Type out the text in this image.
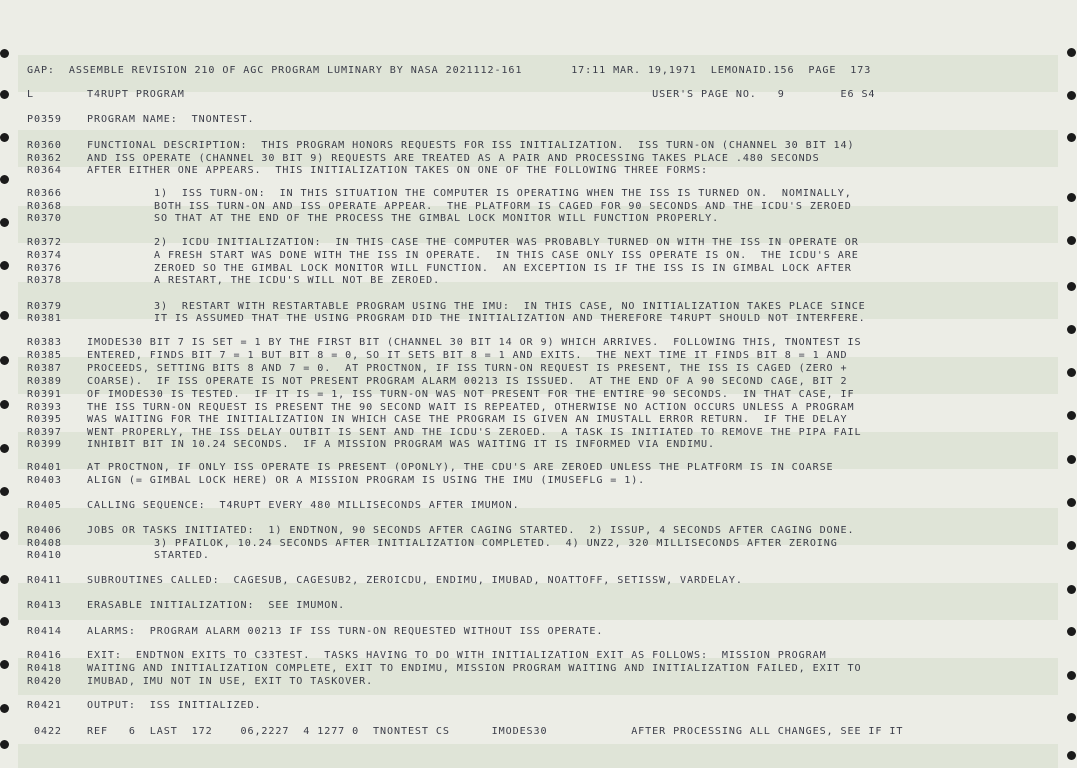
GAP:  ASSEMBLE REVISION 210 OF AGC PROGRAM LUMINARY BY NASA 2021112-161       17:11 MAR. 19,1971  LEMONAID.156  PAGE  173
L	T4RUPT PROGRAM                                                                   USER'S PAGE NO.   9        E6 S4
P0359 PROGRAM NAME:  TNONTEST.
R0360 FUNCTIONAL DESCRIPTION:  THIS PROGRAM HONORS REQUESTS FOR ISS INITIALIZATION.  ISS TURN-ON (CHANNEL 30 BIT 14)
R0362 AND ISS OPERATE (CHANNEL 30 BIT 9) REQUESTS ARE TREATED AS A PAIR AND PROCESSING TAKES PLACE .480 SECONDS
R0364 AFTER EITHER ONE APPEARS.  THIS INITIALIZATION TAKES ON ONE OF THE FOLLOWING THREE FORMS:
R0366	1)  ISS TURN-ON:  IN THIS SITUATION THE COMPUTER IS OPERATING WHEN THE ISS IS TURNED ON.  NOMINALLY,
R0368	BOTH ISS TURN-ON AND ISS OPERATE APPEAR.  THE PLATFORM IS CAGED FOR 90 SECONDS AND THE ICDU'S ZEROED
R0370	SO THAT AT THE END OF THE PROCESS THE GIMBAL LOCK MONITOR WILL FUNCTION PROPERLY.
R0372	2)  ICDU INITIALIZATION:  IN THIS CASE THE COMPUTER WAS PROBABLY TURNED ON WITH THE ISS IN OPERATE OR
R0374	A FRESH START WAS DONE WITH THE ISS IN OPERATE.  IN THIS CASE ONLY ISS OPERATE IS ON.  THE ICDU'S ARE
R0376	ZEROED SO THE GIMBAL LOCK MONITOR WILL FUNCTION.  AN EXCEPTION IS IF THE ISS IS IN GIMBAL LOCK AFTER
R0378	A RESTART, THE ICDU'S WILL NOT BE ZEROED.
R0379	3)  RESTART WITH RESTARTABLE PROGRAM USING THE IMU:  IN THIS CASE, NO INITIALIZATION TAKES PLACE SINCE
R0381	IT IS ASSUMED THAT THE USING PROGRAM DID THE INITIALIZATION AND THEREFORE T4RUPT SHOULD NOT INTERFERE.
R0383 IMODES30 BIT 7 IS SET = 1 BY THE FIRST BIT (CHANNEL 30 BIT 14 OR 9) WHICH ARRIVES.  FOLLOWING THIS, TNONTEST IS
R0385 ENTERED, FINDS BIT 7 = 1 BUT BIT 8 = 0, SO IT SETS BIT 8 = 1 AND EXITS.  THE NEXT TIME IT FINDS BIT 8 = 1 AND
R0387 PROCEEDS, SETTING BITS 8 AND 7 = 0.  AT PROCTNON, IF ISS TURN-ON REQUEST IS PRESENT, THE ISS IS CAGED (ZERO +
R0389 COARSE).  IF ISS OPERATE IS NOT PRESENT PROGRAM ALARM 00213 IS ISSUED.  AT THE END OF A 90 SECOND CAGE, BIT 2
R0391 OF IMODES30 IS TESTED.  IF IT IS = 1, ISS TURN-ON WAS NOT PRESENT FOR THE ENTIRE 90 SECONDS.  IN THAT CASE, IF
R0393 THE ISS TURN-ON REQUEST IS PRESENT THE 90 SECOND WAIT IS REPEATED, OTHERWISE NO ACTION OCCURS UNLESS A PROGRAM
R0395 WAS WAITING FOR THE INITIALIZATION IN WHICH CASE THE PROGRAM IS GIVEN AN IMUSTALL ERROR RETURN.  IF THE DELAY
R0397 WENT PROPERLY, THE ISS DELAY OUTBIT IS SENT AND THE ICDU'S ZEROED.  A TASK IS INITIATED TO REMOVE THE PIPA FAIL
R0399 INHIBIT BIT IN 10.24 SECONDS.  IF A MISSION PROGRAM WAS WAITING IT IS INFORMED VIA ENDIMU.
R0401 AT PROCTNON, IF ONLY ISS OPERATE IS PRESENT (OPONLY), THE CDU'S ARE ZEROED UNLESS THE PLATFORM IS IN COARSE
R0403 ALIGN (= GIMBAL LOCK HERE) OR A MISSION PROGRAM IS USING THE IMU (IMUSEFLG = 1).
R0405 CALLING SEQUENCE:  T4RUPT EVERY 480 MILLISECONDS AFTER IMUMON.
R0406 JOBS OR TASKS INITIATED:  1) ENDTNON, 90 SECONDS AFTER CAGING STARTED.  2) ISSUP, 4 SECONDS AFTER CAGING DONE.
R0408	3) PFAILOK, 10.24 SECONDS AFTER INITIALIZATION COMPLETED.  4) UNZ2, 320 MILLISECONDS AFTER ZEROING
R0410	STARTED.
R0411 SUBROUTINES CALLED:  CAGESUB, CAGESUB2, ZEROICDU, ENDIMU, IMUBAD, NOATTOFF, SETISSW, VARDELAY.
R0413 ERASABLE INITIALIZATION:  SEE IMUMON.
R0414 ALARMS:  PROGRAM ALARM 00213 IF ISS TURN-ON REQUESTED WITHOUT ISS OPERATE.
R0416 EXIT:  ENDTNON EXITS TO C33TEST.  TASKS HAVING TO DO WITH INITIALIZATION EXIT AS FOLLOWS:  MISSION PROGRAM
R0418 WAITING AND INITIALIZATION COMPLETE, EXIT TO ENDIMU, MISSION PROGRAM WAITING AND INITIALIZATION FAILED, EXIT TO
R0420 IMUBAD, IMU NOT IN USE, EXIT TO TASKOVER.
R0421 OUTPUT:  ISS INITIALIZED.
0422 REF   6  LAST  172    06,2227  4 1277 0  TNONTEST CS      IMODES30            AFTER PROCESSING ALL CHANGES, SEE IF IT
